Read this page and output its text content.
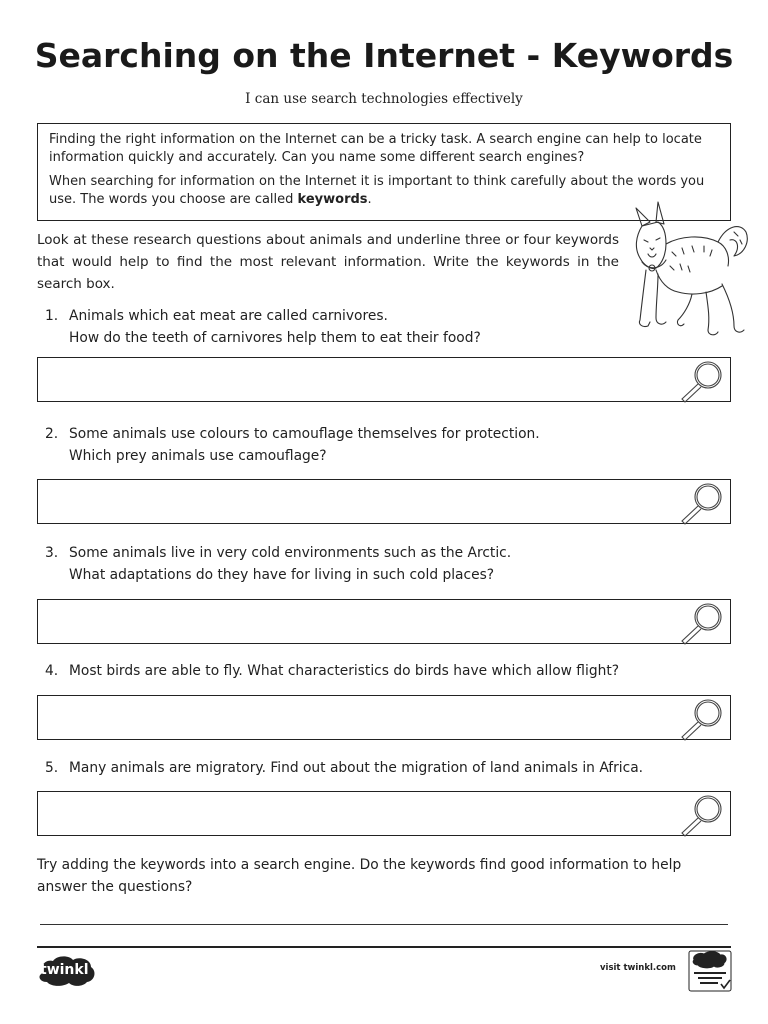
Searching on the Internet - Keywords
I can use search technologies effectively

Finding the right information on the Internet can be a tricky task. A search engine can help to locate information quickly and accurately. Can you name some different search engines?

When searching for information on the Internet it is important to think carefully about the words you use. The words you choose are called keywords.

Look at these research questions about animals and underline three or four keywords that would help to find the most relevant information. Write the keywords in the search box.
1. Animals which eat meat are called carnivores.
How do the teeth of carnivores help them to eat their food?
2. Some animals use colours to camouflage themselves for protection.
Which prey animals use camouflage?
3. Some animals live in very cold environments such as the Arctic.
What adaptations do they have for living in such cold places?
4. Most birds are able to fly. What characteristics do birds have which allow flight?
5. Many animals are migratory. Find out about the migration of land animals in Africa.
Try adding the keywords into a search engine. Do the keywords find good information to help answer the questions?
twinkl	visit twinkl.com
